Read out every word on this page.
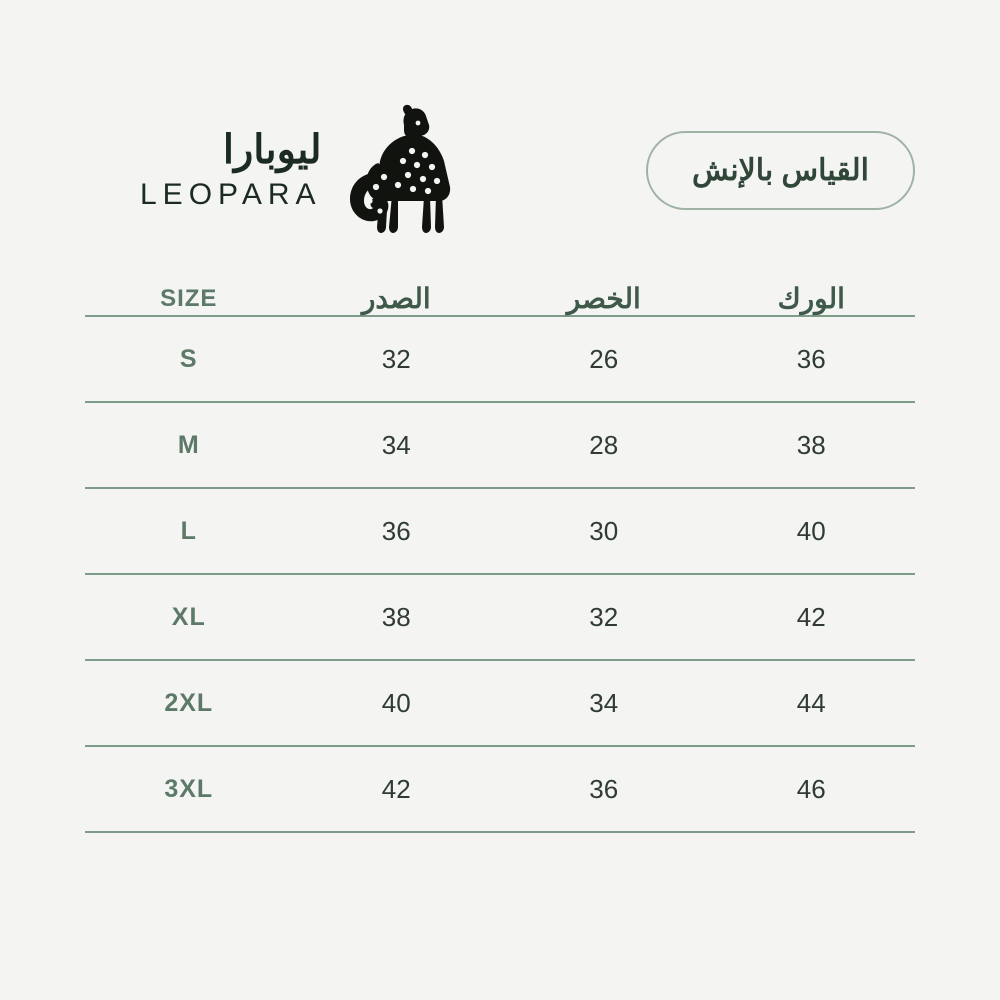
ليوبارا
LEOPARA
القياس بالإنش
SIZE	الصدر	الخصر	الورك
S	32	26	36
M	34	28	38
L	36	30	40
XL	38	32	42
2XL	40	34	44
3XL	42	36	46
